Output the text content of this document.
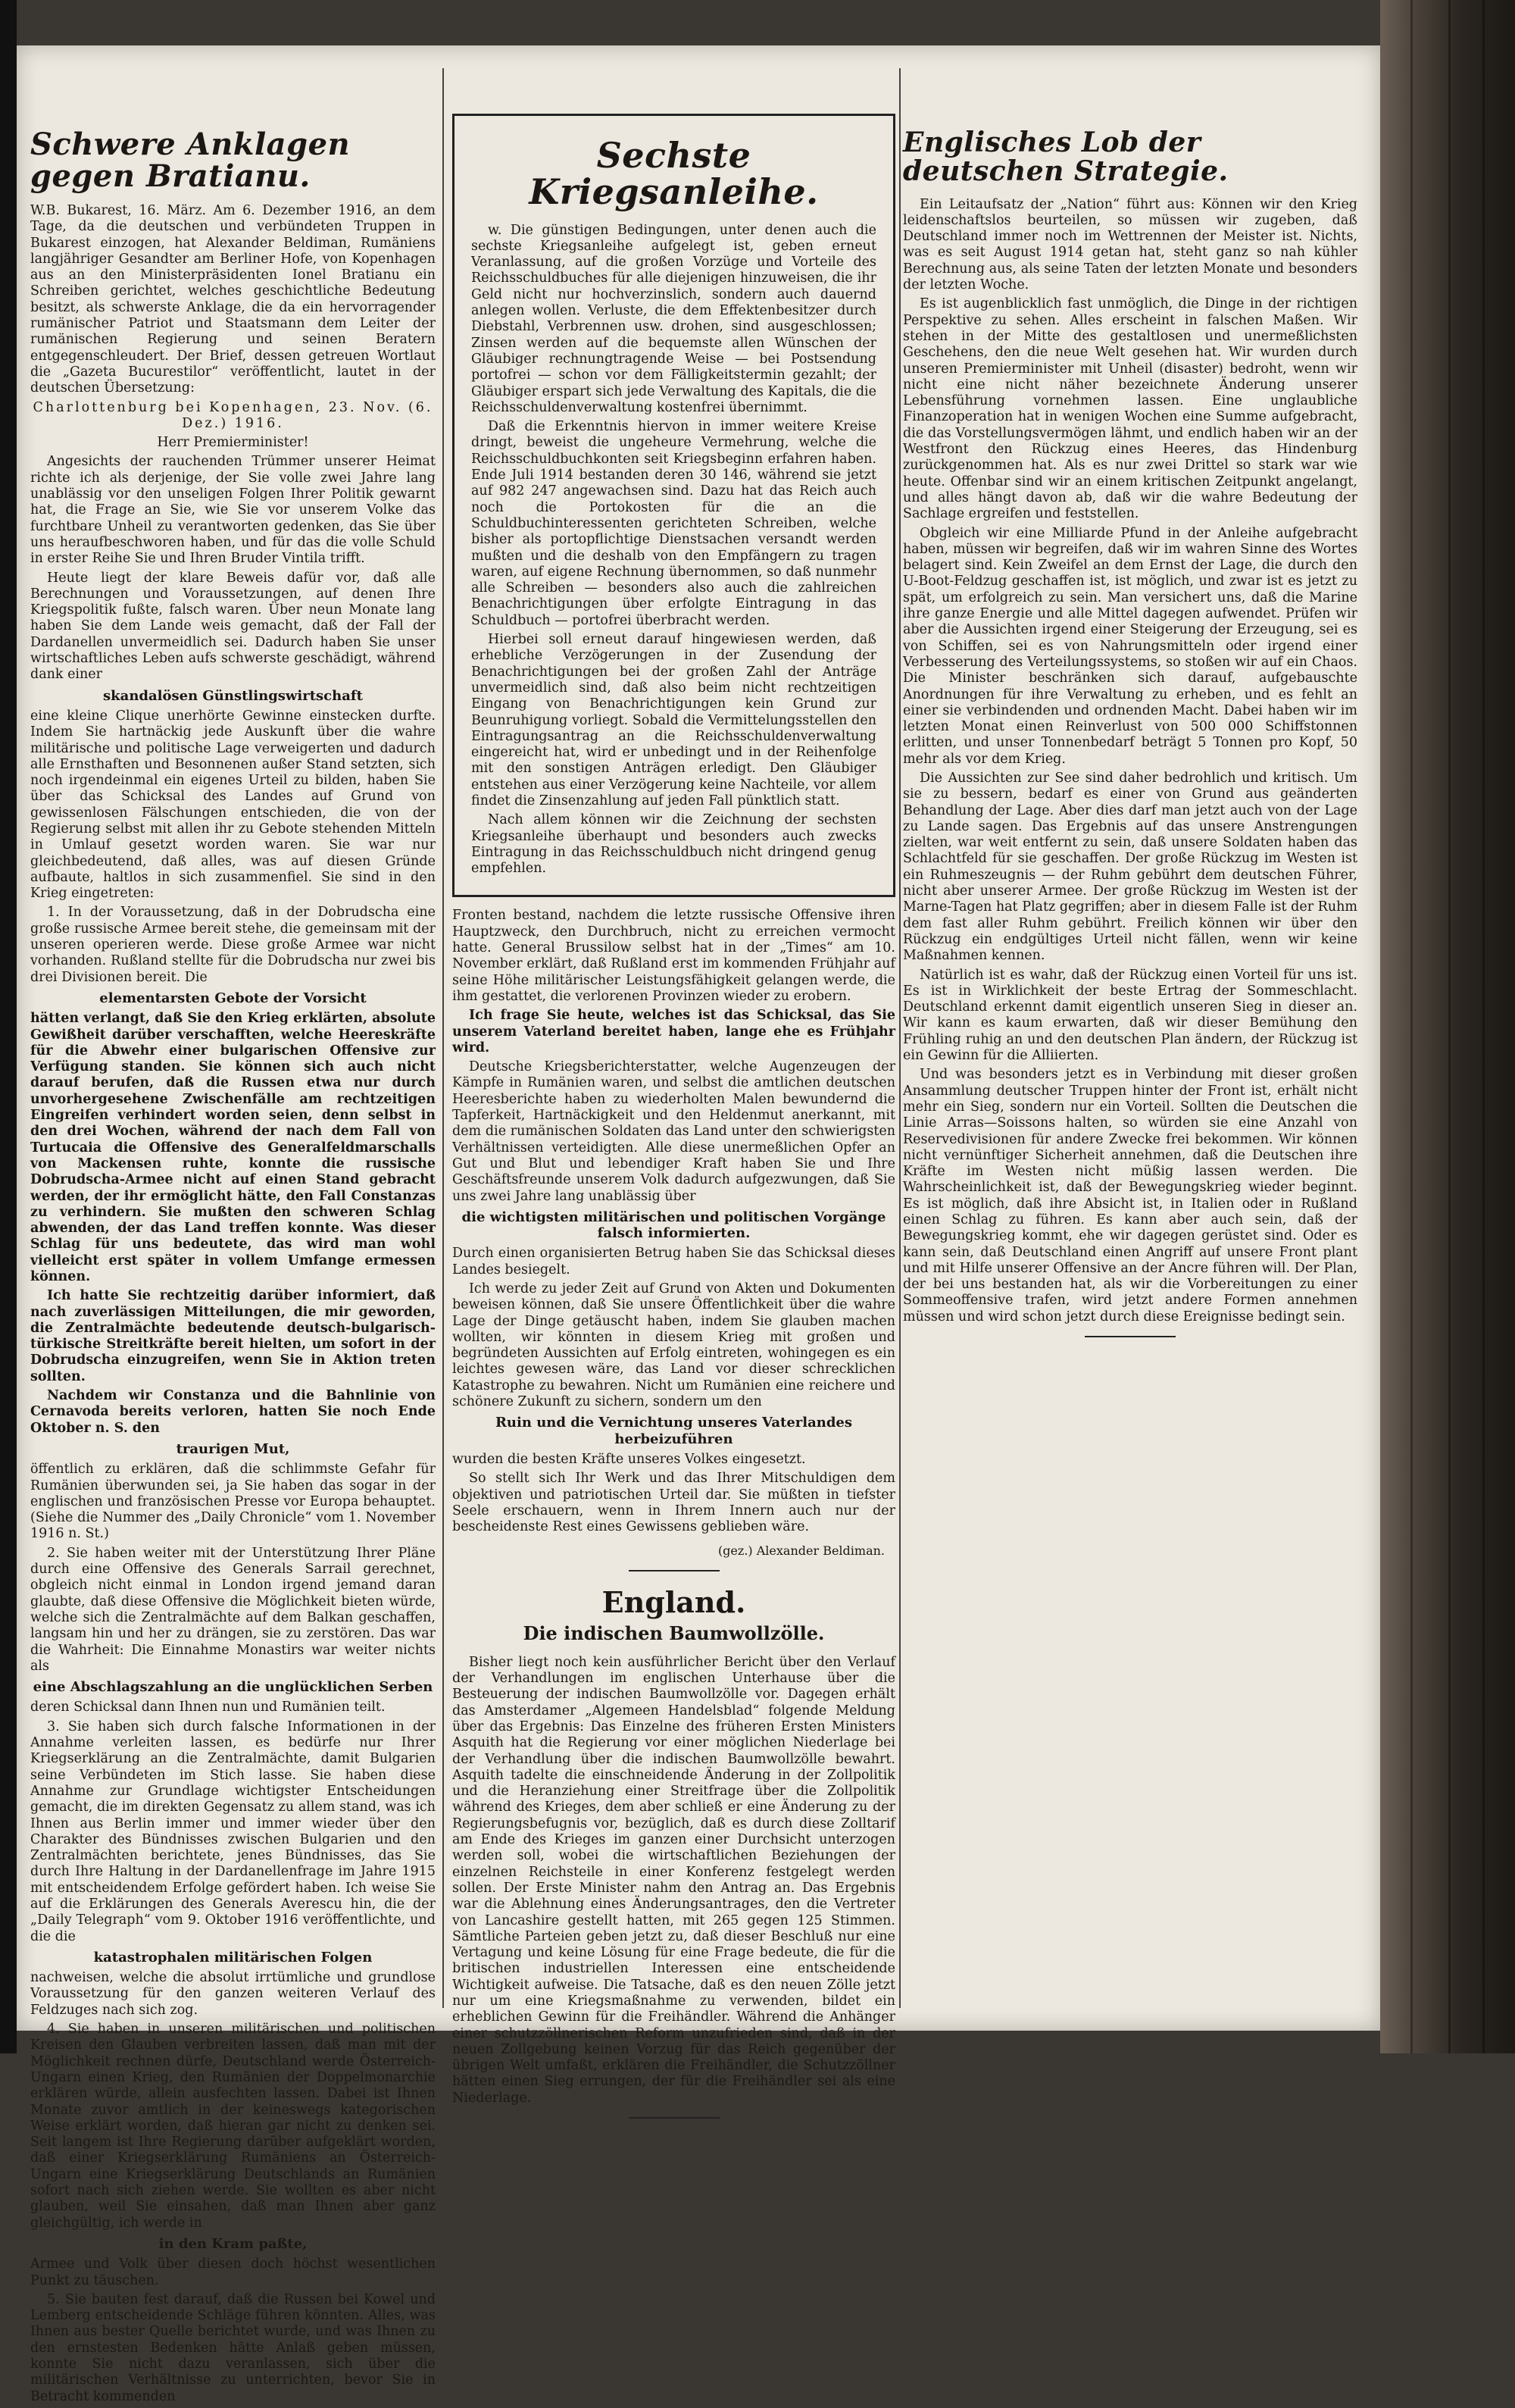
Schwere Anklagen gegen Bratianu.

W.B. Bukarest, 16. März. Am 6. Dezember 1916, an dem Tage, da die deutschen und verbündeten Truppen in Bukarest einzogen, hat Alexander Beldiman, Rumäniens langjähriger Gesandter am Berliner Hofe, von Kopenhagen aus an den Ministerpräsidenten Ionel Bratianu ein Schreiben gerichtet, welches geschichtliche Bedeutung besitzt, als schwerste Anklage, die da ein hervorragender rumänischer Patriot und Staatsmann dem Leiter der rumänischen Regierung und seinen Beratern entgegenschleudert. Der Brief, dessen getreuen Wortlaut die „Gazeta Bucurestilor“ veröffentlicht, lautet in der deutschen Übersetzung:

Charlottenburg bei Kopenhagen, 23. Nov. (6. Dez.) 1916.

Herr Premierminister!

Angesichts der rauchenden Trümmer unserer Heimat richte ich als derjenige, der Sie volle zwei Jahre lang unablässig vor den unseligen Folgen Ihrer Politik gewarnt hat, die Frage an Sie, wie Sie vor unserem Volke das furchtbare Unheil zu verantworten gedenken, das Sie über uns heraufbeschworen haben, und für das die volle Schuld in erster Reihe Sie und Ihren Bruder Vintila trifft.

Heute liegt der klare Beweis dafür vor, daß alle Berechnungen und Voraussetzungen, auf denen Ihre Kriegspolitik fußte, falsch waren. Über neun Monate lang haben Sie dem Lande weis gemacht, daß der Fall der Dardanellen unvermeidlich sei. Dadurch haben Sie unser wirtschaftliches Leben aufs schwerste geschädigt, während dank einer

skandalösen Günstlingswirtschaft

eine kleine Clique unerhörte Gewinne einstecken durfte. Indem Sie hartnäckig jede Auskunft über die wahre militärische und politische Lage verweigerten und dadurch alle Ernsthaften und Besonnenen außer Stand setzten, sich noch irgendeinmal ein eigenes Urteil zu bilden, haben Sie über das Schicksal des Landes auf Grund von gewissenlosen Fälschungen entschieden, die von der Regierung selbst mit allen ihr zu Gebote stehenden Mitteln in Umlauf gesetzt worden waren. Sie war nur gleichbedeutend, daß alles, was auf diesen Gründe aufbaute, haltlos in sich zusammenfiel. Sie sind in den Krieg eingetreten:

1. In der Voraussetzung, daß in der Dobrudscha eine große russische Armee bereit stehe, die gemeinsam mit der unseren operieren werde. Diese große Armee war nicht vorhanden. Rußland stellte für die Dobrudscha nur zwei bis drei Divisionen bereit. Die

elementarsten Gebote der Vorsicht

hätten verlangt, daß Sie den Krieg erklärten, absolute Gewißheit darüber verschafften, welche Heereskräfte für die Abwehr einer bulgarischen Offensive zur Verfügung standen. Sie können sich auch nicht darauf berufen, daß die Russen etwa nur durch unvorhergesehene Zwischenfälle am rechtzeitigen Eingreifen verhindert worden seien, denn selbst in den drei Wochen, während der nach dem Fall von Turtucaia die Offensive des Generalfeldmarschalls von Mackensen ruhte, konnte die russische Dobrudscha-Armee nicht auf einen Stand gebracht werden, der ihr ermöglicht hätte, den Fall Constanzas zu verhindern. Sie mußten den schweren Schlag abwenden, der das Land treffen konnte. Was dieser Schlag für uns bedeutete, das wird man wohl vielleicht erst später in vollem Umfange ermessen können.

Ich hatte Sie rechtzeitig darüber informiert, daß nach zuverlässigen Mitteilungen, die mir geworden, die Zentralmächte bedeutende deutsch-bulgarisch-türkische Streitkräfte bereit hielten, um sofort in der Dobrudscha einzugreifen, wenn Sie in Aktion treten sollten.

Nachdem wir Constanza und die Bahnlinie von Cernavoda bereits verloren, hatten Sie noch Ende Oktober n. S. den

traurigen Mut,

öffentlich zu erklären, daß die schlimmste Gefahr für Rumänien überwunden sei, ja Sie haben das sogar in der englischen und französischen Presse vor Europa behauptet. (Siehe die Nummer des „Daily Chronicle“ vom 1. November 1916 n. St.)

2. Sie haben weiter mit der Unterstützung Ihrer Pläne durch eine Offensive des Generals Sarrail gerechnet, obgleich nicht einmal in London irgend jemand daran glaubte, daß diese Offensive die Möglichkeit bieten würde, welche sich die Zentralmächte auf dem Balkan geschaffen, langsam hin und her zu drängen, sie zu zerstören. Das war die Wahrheit: Die Einnahme Monastirs war weiter nichts als

eine Abschlagszahlung an die unglücklichen Serben

deren Schicksal dann Ihnen nun und Rumänien teilt.

3. Sie haben sich durch falsche Informationen in der Annahme verleiten lassen, es bedürfe nur Ihrer Kriegserklärung an die Zentralmächte, damit Bulgarien seine Verbündeten im Stich lasse. Sie haben diese Annahme zur Grundlage wichtigster Entscheidungen gemacht, die im direkten Gegensatz zu allem stand, was ich Ihnen aus Berlin immer und immer wieder über den Charakter des Bündnisses zwischen Bulgarien und den Zentralmächten berichtete, jenes Bündnisses, das Sie durch Ihre Haltung in der Dardanellenfrage im Jahre 1915 mit entscheidendem Erfolge gefördert haben. Ich weise Sie auf die Erklärungen des Generals Averescu hin, die der „Daily Telegraph“ vom 9. Oktober 1916 veröffentlichte, und die die

katastrophalen militärischen Folgen

nachweisen, welche die absolut irrtümliche und grundlose Voraussetzung für den ganzen weiteren Verlauf des Feldzuges nach sich zog.

4. Sie haben in unseren militärischen und politischen Kreisen den Glauben verbreiten lassen, daß man mit der Möglichkeit rechnen dürfe, Deutschland werde Österreich-Ungarn einen Krieg, den Rumänien der Doppelmonarchie erklären würde, allein ausfechten lassen. Dabei ist Ihnen Monate zuvor amtlich in der keineswegs kategorischen Weise erklärt worden, daß hieran gar nicht zu denken sei. Seit langem ist Ihre Regierung darüber aufgeklärt worden, daß einer Kriegserklärung Rumäniens an Österreich-Ungarn eine Kriegserklärung Deutschlands an Rumänien sofort nach sich ziehen werde. Sie wollten es aber nicht glauben, weil Sie einsahen, daß man Ihnen aber ganz gleichgültig, ich werde in

in den Kram paßte,

Armee und Volk über diesen doch höchst wesentlichen Punkt zu täuschen.

5. Sie bauten fest darauf, daß die Russen bei Kowel und Lemberg entscheidende Schläge führen könnten. Alles, was Ihnen aus bester Quelle berichtet wurde, und was Ihnen zu den ernstesten Bedenken hätte Anlaß geben müssen, konnte Sie nicht dazu veranlassen, sich über die militärischen Verhältnisse zu unterrichten, bevor Sie in Betracht kommenden

Sechste Kriegsanleihe.

w. Die günstigen Bedingungen, unter denen auch die sechste Kriegsanleihe aufgelegt ist, geben erneut Veranlassung, auf die großen Vorzüge und Vorteile des Reichsschuldbuches für alle diejenigen hinzuweisen, die ihr Geld nicht nur hochverzinslich, sondern auch dauernd anlegen wollen. Verluste, die dem Effektenbesitzer durch Diebstahl, Verbrennen usw. drohen, sind ausgeschlossen; Zinsen werden auf die bequemste allen Wünschen der Gläubiger rechnungtragende Weise — bei Postsendung portofrei — schon vor dem Fälligkeitstermin gezahlt; der Gläubiger erspart sich jede Verwaltung des Kapitals, die die Reichsschuldenverwaltung kostenfrei übernimmt.

Daß die Erkenntnis hiervon in immer weitere Kreise dringt, beweist die ungeheure Vermehrung, welche die Reichsschuldbuchkonten seit Kriegsbeginn erfahren haben. Ende Juli 1914 bestanden deren 30 146, während sie jetzt auf 982 247 angewachsen sind. Dazu hat das Reich auch noch die Portokosten für die an die Schuldbuchinteressenten gerichteten Schreiben, welche bisher als portopflichtige Dienstsachen versandt werden mußten und die deshalb von den Empfängern zu tragen waren, auf eigene Rechnung übernommen, so daß nunmehr alle Schreiben — besonders also auch die zahlreichen Benachrichtigungen über erfolgte Eintragung in das Schuldbuch — portofrei überbracht werden.

Hierbei soll erneut darauf hingewiesen werden, daß erhebliche Verzögerungen in der Zusendung der Benachrichtigungen bei der großen Zahl der Anträge unvermeidlich sind, daß also beim nicht rechtzeitigen Eingang von Benachrichtigungen kein Grund zur Beunruhigung vorliegt. Sobald die Vermittelungsstellen den Eintragungsantrag an die Reichsschuldenverwaltung eingereicht hat, wird er unbedingt und in der Reihenfolge mit den sonstigen Anträgen erledigt. Den Gläubiger entstehen aus einer Verzögerung keine Nachteile, vor allem findet die Zinsenzahlung auf jeden Fall pünktlich statt.

Nach allem können wir die Zeichnung der sechsten Kriegsanleihe überhaupt und besonders auch zwecks Eintragung in das Reichsschuldbuch nicht dringend genug empfehlen.

Fronten bestand, nachdem die letzte russische Offensive ihren Hauptzweck, den Durchbruch, nicht zu erreichen vermocht hatte. General Brussilow selbst hat in der „Times“ am 10. November erklärt, daß Rußland erst im kommenden Frühjahr auf seine Höhe militärischer Leistungsfähigkeit gelangen werde, die ihm gestattet, die verlorenen Provinzen wieder zu erobern.

Ich frage Sie heute, welches ist das Schicksal, das Sie unserem Vaterland bereitet haben, lange ehe es Frühjahr wird.

Deutsche Kriegsberichterstatter, welche Augenzeugen der Kämpfe in Rumänien waren, und selbst die amtlichen deutschen Heeresberichte haben zu wiederholten Malen bewundernd die Tapferkeit, Hartnäckigkeit und den Heldenmut anerkannt, mit dem die rumänischen Soldaten das Land unter den schwierigsten Verhältnissen verteidigten. Alle diese unermeßlichen Opfer an Gut und Blut und lebendiger Kraft haben Sie und Ihre Geschäftsfreunde unserem Volk dadurch aufgezwungen, daß Sie uns zwei Jahre lang unablässig über

die wichtigsten militärischen und politischen Vorgänge falsch informierten.

Durch einen organisierten Betrug haben Sie das Schicksal dieses Landes besiegelt.

Ich werde zu jeder Zeit auf Grund von Akten und Dokumenten beweisen können, daß Sie unsere Öffentlichkeit über die wahre Lage der Dinge getäuscht haben, indem Sie glauben machen wollten, wir könnten in diesem Krieg mit großen und begründeten Aussichten auf Erfolg eintreten, wohingegen es ein leichtes gewesen wäre, das Land vor dieser schrecklichen Katastrophe zu bewahren. Nicht um Rumänien eine reichere und schönere Zukunft zu sichern, sondern um den

Ruin und die Vernichtung unseres Vaterlandes herbeizuführen

wurden die besten Kräfte unseres Volkes eingesetzt.

So stellt sich Ihr Werk und das Ihrer Mitschuldigen dem objektiven und patriotischen Urteil dar. Sie müßten in tiefster Seele erschauern, wenn in Ihrem Innern auch nur der bescheidenste Rest eines Gewissens geblieben wäre.

(gez.) Alexander Beldiman.

England.
Die indischen Baumwollzölle.

Bisher liegt noch kein ausführlicher Bericht über den Verlauf der Verhandlungen im englischen Unterhause über die Besteuerung der indischen Baumwollzölle vor. Dagegen erhält das Amsterdamer „Algemeen Handelsblad“ folgende Meldung über das Ergebnis: Das Einzelne des früheren Ersten Ministers Asquith hat die Regierung vor einer möglichen Niederlage bei der Verhandlung über die indischen Baumwollzölle bewahrt. Asquith tadelte die einschneidende Änderung in der Zollpolitik und die Heranziehung einer Streitfrage über die Zollpolitik während des Krieges, dem aber schließ er eine Änderung zu der Regierungsbefugnis vor, bezüglich, daß es durch diese Zolltarif am Ende des Krieges im ganzen einer Durchsicht unterzogen werden soll, wobei die wirtschaftlichen Beziehungen der einzelnen Reichsteile in einer Konferenz festgelegt werden sollen. Der Erste Minister nahm den Antrag an. Das Ergebnis war die Ablehnung eines Änderungsantrages, den die Vertreter von Lancashire gestellt hatten, mit 265 gegen 125 Stimmen. Sämtliche Parteien geben jetzt zu, daß dieser Beschluß nur eine Vertagung und keine Lösung für eine Frage bedeute, die für die britischen industriellen Interessen eine entscheidende Wichtigkeit aufweise. Die Tatsache, daß es den neuen Zölle jetzt nur um eine Kriegsmaßnahme zu verwenden, bildet ein erheblichen Gewinn für die Freihändler. Während die Anhänger einer schutzzöllnerischen Reform unzufrieden sind, daß in der neuen Zollgebung keinen Vorzug für das Reich gegenüber der übrigen Welt umfaßt, erklären die Freihändler, die Schutzzöllner hätten einen Sieg errungen, der für die Freihändler sei als eine Niederlage.

Englisches Lob der deutschen Strategie.

Ein Leitaufsatz der „Nation“ führt aus: Können wir den Krieg leidenschaftslos beurteilen, so müssen wir zugeben, daß Deutschland immer noch im Wettrennen der Meister ist. Nichts, was es seit August 1914 getan hat, steht ganz so nah kühler Berechnung aus, als seine Taten der letzten Monate und besonders der letzten Woche.

Es ist augenblicklich fast unmöglich, die Dinge in der richtigen Perspektive zu sehen. Alles erscheint in falschen Maßen. Wir stehen in der Mitte des gestaltlosen und unermeßlichsten Geschehens, den die neue Welt gesehen hat. Wir wurden durch unseren Premierminister mit Unheil (disaster) bedroht, wenn wir nicht eine nicht näher bezeichnete Änderung unserer Lebensführung vornehmen lassen. Eine unglaubliche Finanzoperation hat in wenigen Wochen eine Summe aufgebracht, die das Vorstellungsvermögen lähmt, und endlich haben wir an der Westfront den Rückzug eines Heeres, das Hindenburg zurückgenommen hat. Als es nur zwei Drittel so stark war wie heute. Offenbar sind wir an einem kritischen Zeitpunkt angelangt, und alles hängt davon ab, daß wir die wahre Bedeutung der Sachlage ergreifen und feststellen.

Obgleich wir eine Milliarde Pfund in der Anleihe aufgebracht haben, müssen wir begreifen, daß wir im wahren Sinne des Wortes belagert sind. Kein Zweifel an dem Ernst der Lage, die durch den U-Boot-Feldzug geschaffen ist, ist möglich, und zwar ist es jetzt zu spät, um erfolgreich zu sein. Man versichert uns, daß die Marine ihre ganze Energie und alle Mittel dagegen aufwendet. Prüfen wir aber die Aussichten irgend einer Steigerung der Erzeugung, sei es von Schiffen, sei es von Nahrungsmitteln oder irgend einer Verbesserung des Verteilungssystems, so stoßen wir auf ein Chaos. Die Minister beschränken sich darauf, aufgebauschte Anordnungen für ihre Verwaltung zu erheben, und es fehlt an einer sie verbindenden und ordnenden Macht. Dabei haben wir im letzten Monat einen Reinverlust von 500 000 Schiffstonnen erlitten, und unser Tonnenbedarf beträgt 5 Tonnen pro Kopf, 50 mehr als vor dem Krieg.

Die Aussichten zur See sind daher bedrohlich und kritisch. Um sie zu bessern, bedarf es einer von Grund aus geänderten Behandlung der Lage. Aber dies darf man jetzt auch von der Lage zu Lande sagen. Das Ergebnis auf das unsere Anstrengungen zielten, war weit entfernt zu sein, daß unsere Soldaten haben das Schlachtfeld für sie geschaffen. Der große Rückzug im Westen ist ein Ruhmeszeugnis — der Ruhm gebührt dem deutschen Führer, nicht aber unserer Armee. Der große Rückzug im Westen ist der Marne-Tagen hat Platz gegriffen; aber in diesem Falle ist der Ruhm dem fast aller Ruhm gebührt. Freilich können wir über den Rückzug ein endgültiges Urteil nicht fällen, wenn wir keine Maßnahmen kennen.

Natürlich ist es wahr, daß der Rückzug einen Vorteil für uns ist. Es ist in Wirklichkeit der beste Ertrag der Sommeschlacht. Deutschland erkennt damit eigentlich unseren Sieg in dieser an. Wir kann es kaum erwarten, daß wir dieser Bemühung den Frühling ruhig an und den deutschen Plan ändern, der Rückzug ist ein Gewinn für die Alliierten.

Und was besonders jetzt es in Verbindung mit dieser großen Ansammlung deutscher Truppen hinter der Front ist, erhält nicht mehr ein Sieg, sondern nur ein Vorteil. Sollten die Deutschen die Linie Arras—Soissons halten, so würden sie eine Anzahl von Reservedivisionen für andere Zwecke frei bekommen. Wir können nicht vernünftiger Sicherheit annehmen, daß die Deutschen ihre Kräfte im Westen nicht müßig lassen werden. Die Wahrscheinlichkeit ist, daß der Bewegungskrieg wieder beginnt. Es ist möglich, daß ihre Absicht ist, in Italien oder in Rußland einen Schlag zu führen. Es kann aber auch sein, daß der Bewegungskrieg kommt, ehe wir dagegen gerüstet sind. Oder es kann sein, daß Deutschland einen Angriff auf unsere Front plant und mit Hilfe unserer Offensive an der Ancre führen will. Der Plan, der bei uns bestanden hat, als wir die Vorbereitungen zu einer Sommeoffensive trafen, wird jetzt andere Formen annehmen müssen und wird schon jetzt durch diese Ereignisse bedingt sein.
